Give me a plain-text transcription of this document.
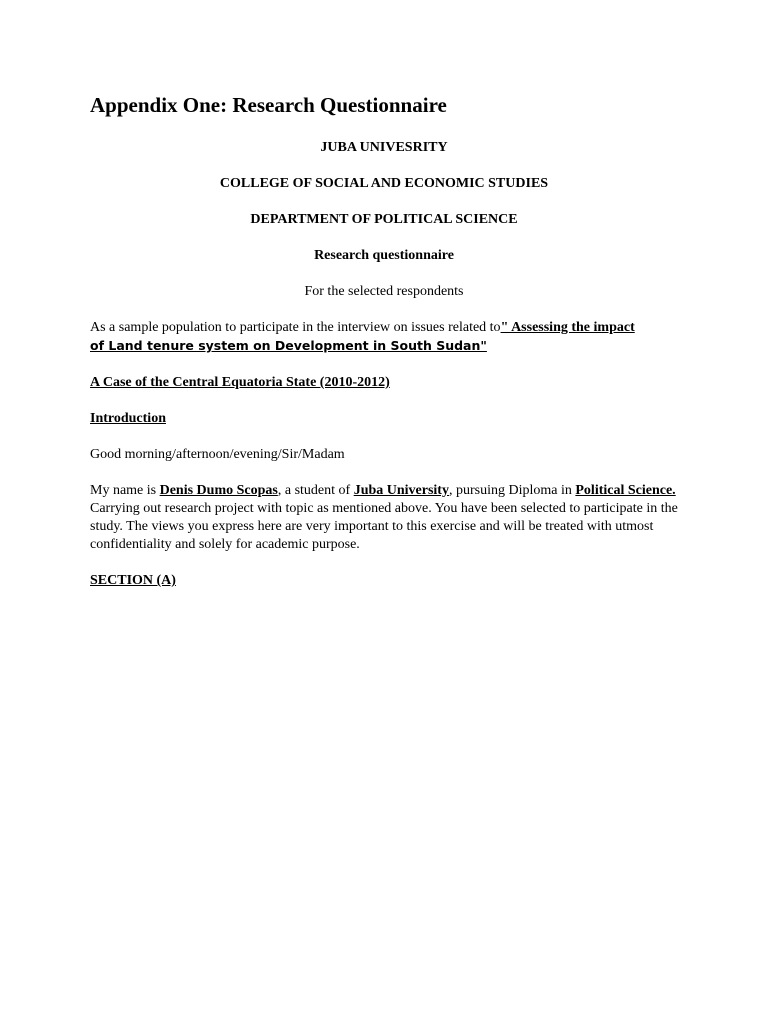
Appendix One: Research Questionnaire
JUBA UNIVESRITY
COLLEGE OF SOCIAL AND ECONOMIC STUDIES
DEPARTMENT OF POLITICAL SCIENCE
Research questionnaire
For the selected respondents
As a sample population to participate in the interview on issues related to" Assessing the impact
of Land tenure system on Development in South Sudan"
A Case of the Central Equatoria State (2010-2012)
Introduction
Good morning/afternoon/evening/Sir/Madam
My name is Denis Dumo Scopas, a student of Juba University, pursuing Diploma in Political Science. Carrying out research project with topic as mentioned above. You have been selected to participate in the study. The views you express here are very important to this exercise and will be treated with utmost confidentiality and solely for academic purpose.
SECTION (A)
